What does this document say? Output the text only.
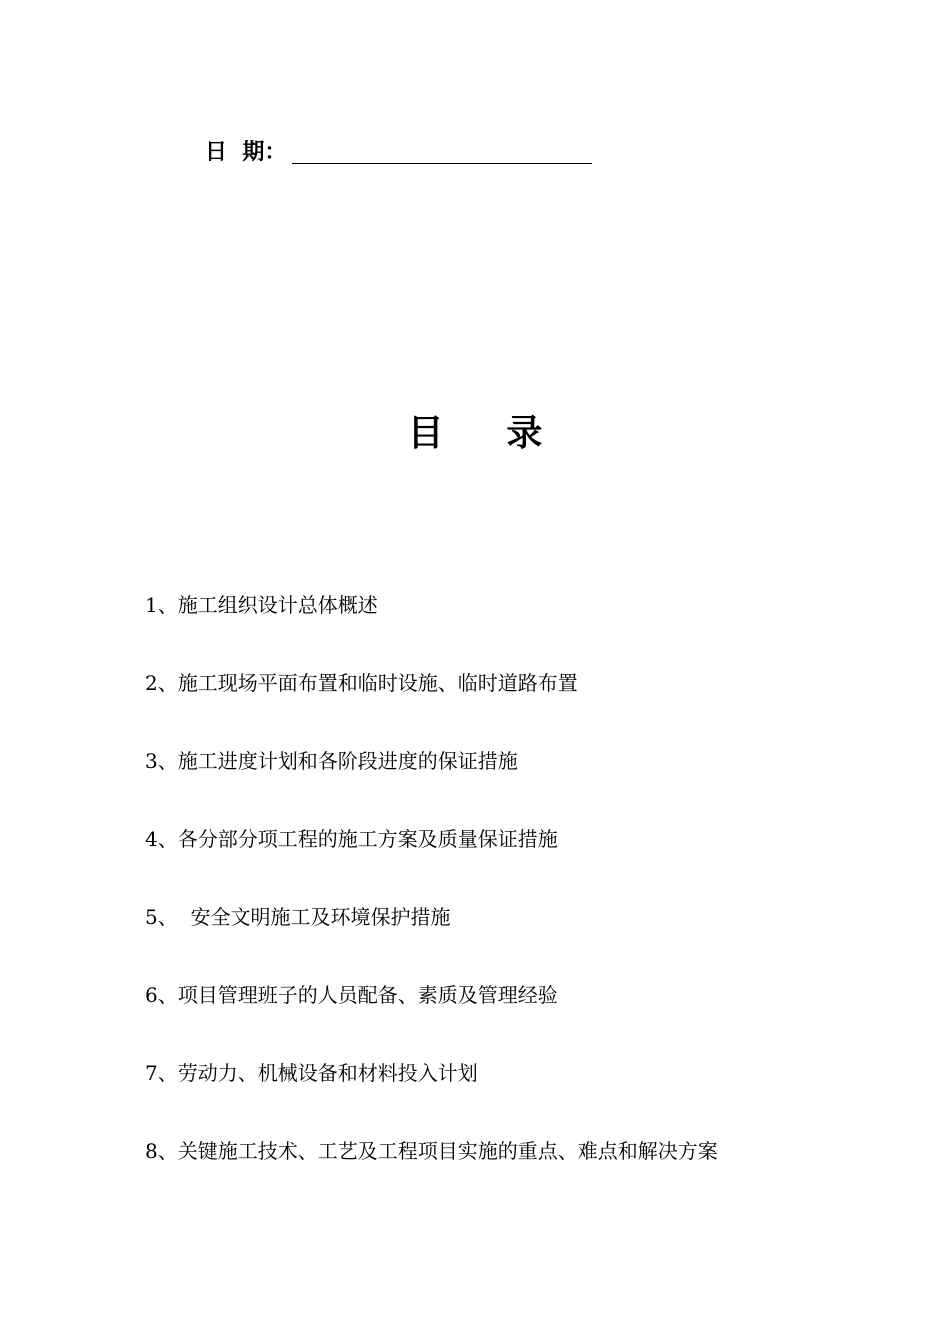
日  期：
目     录
1、施工组织设计总体概述
2、施工现场平面布置和临时设施、临时道路布置
3、施工进度计划和各阶段进度的保证措施
4、各分部分项工程的施工方案及质量保证措施
5、  安全文明施工及环境保护措施
6、项目管理班子的人员配备、素质及管理经验
7、劳动力、机械设备和材料投入计划
8、关键施工技术、工艺及工程项目实施的重点、难点和解决方案
